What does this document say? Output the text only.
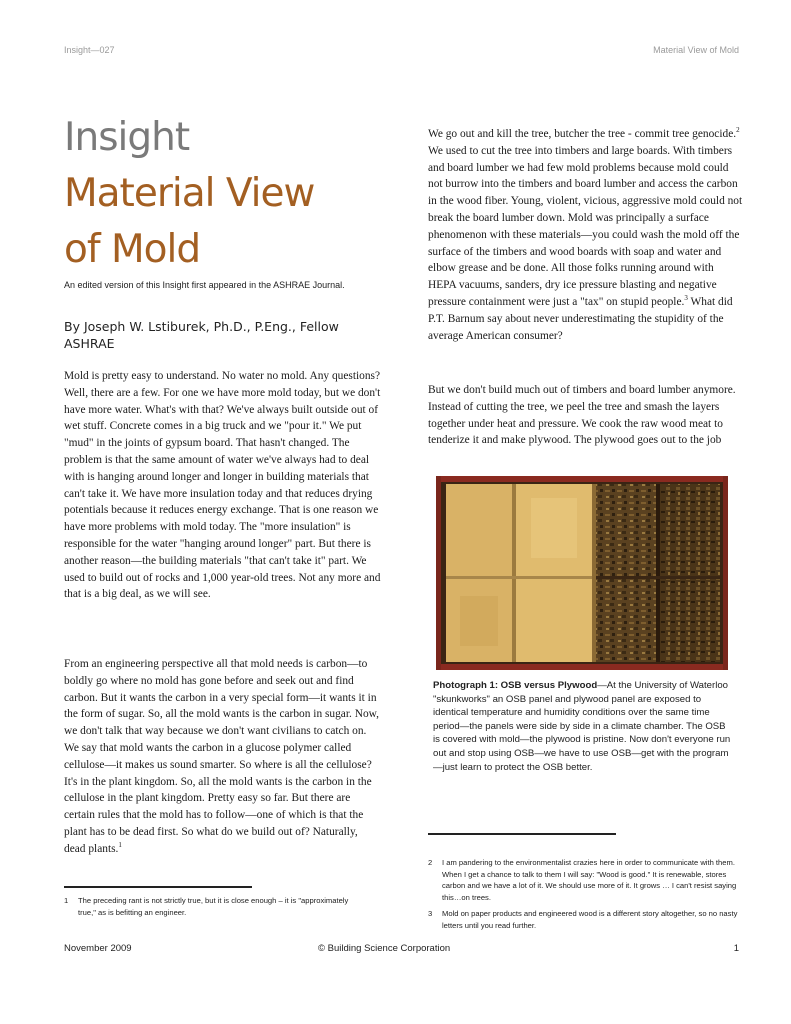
Insight—027	Material View of Mold
Insight
Material View
of Mold
An edited version of this Insight first appeared in the ASHRAE Journal.
By Joseph W. Lstiburek, Ph.D., P.Eng., Fellow ASHRAE

Mold is pretty easy to understand. No water no mold. Any questions? Well, there are a few. For one we have more mold today, but we don't have more water. What's with that? We've always built outside out of wet stuff. Concrete comes in a big truck and we "pour it." We put "mud" in the joints of gypsum board. That hasn't changed. The problem is that the same amount of water we've always had to deal with is hanging around longer and longer in building materials that can't take it. We have more insulation today and that reduces drying potentials because it reduces energy exchange. That is one reason we have more problems with mold today. The "more insulation" is responsible for the water "hanging around longer" part. But there is another reason—the building materials "that can't take it" part. We used to build out of rocks and 1,000 year-old trees. Not any more and that is a big deal, as we will see.

From an engineering perspective all that mold needs is carbon—to boldly go where no mold has gone before and seek out and find carbon. But it wants the carbon in a very special form—it wants it in the form of sugar. So, all the mold wants is the carbon in sugar. Now, we don't talk that way because we don't want civilians to catch on. We say that mold wants the carbon in a glucose polymer called cellulose—it makes us sound smarter. So where is all the cellulose? It's in the plant kingdom. So, all the mold wants is the carbon in the cellulose in the plant kingdom. Pretty easy so far. But there are certain rules that the mold has to follow—one of which is that the plant has to be dead first. So what do we build out of? Naturally, dead plants.$^1$

We go out and kill the tree, butcher the tree - commit tree genocide.$^2$ We used to cut the tree into timbers and large boards. With timbers and board lumber we had few mold problems because mold could not burrow into the timbers and board lumber and access the carbon in the wood fiber. Young, violent, vicious, aggressive mold could not break the board lumber down. Mold was principally a surface phenomenon with these materials—you could wash the mold off the surface of the timbers and wood boards with soap and water and elbow grease and be done. All those folks running around with HEPA vacuums, sanders, dry ice pressure blasting and negative pressure containment were just a "tax" on stupid people.$^3$ What did P.T. Barnum say about never underestimating the stupidity of the average American consumer?

But we don't build much out of timbers and board lumber anymore. Instead of cutting the tree, we peel the tree and smash the layers together under heat and pressure. We cook the raw wood meat to tenderize it and make plywood. The plywood goes out to the job

Photograph 1: OSB versus Plywood—At the University of Waterloo "skunkworks" an OSB panel and plywood panel are exposed to identical temperature and humidity conditions over the same time period—the panels were side by side in a climate chamber. The OSB is covered with mold—the plywood is pristine. Now don't everyone run out and stop using OSB—we have to use OSB—get with the program—just learn to protect the OSB better.
1	The preceding rant is not strictly true, but it is close enough – it is "approximately true," as is befitting an engineer.
2	I am pandering to the environmentalist crazies here in order to communicate with them. When I get a chance to talk to them I will say: "Wood is good." It is renewable, stores carbon and we have a lot of it. We should use more of it. It grows … I can't resist saying this…on trees.
3	Mold on paper products and engineered wood is a different story altogether, so no nasty letters until you read further.
November 2009	© Building Science Corporation	1
